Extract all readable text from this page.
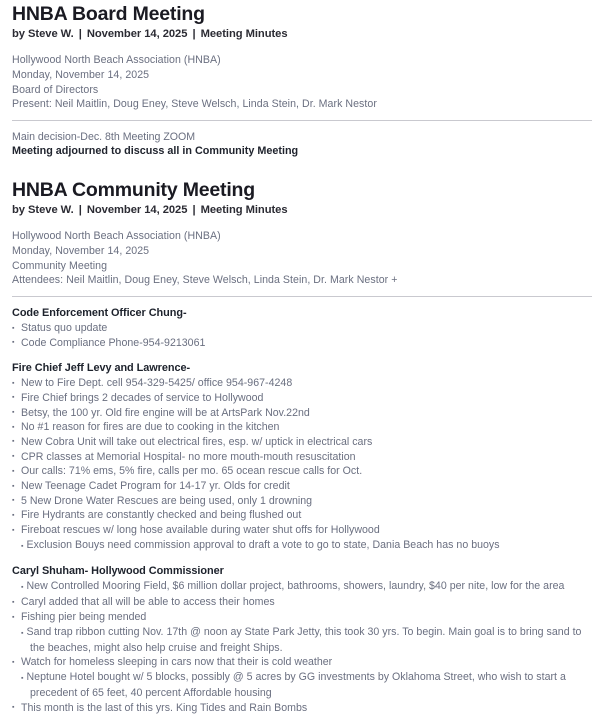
HNBA Board Meeting
by Steve W. | November 14, 2025 | Meeting Minutes
Hollywood North Beach Association (HNBA)
Monday, November 14, 2025
Board of Directors
Present: Neil Maitlin, Doug Eney, Steve Welsch, Linda Stein, Dr. Mark Nestor
Main decision-Dec. 8th Meeting ZOOM
Meeting adjourned to discuss all in Community Meeting
HNBA Community Meeting
by Steve W. | November 14, 2025 | Meeting Minutes
Hollywood North Beach Association (HNBA)
Monday, November 14, 2025
Community Meeting
Attendees: Neil Maitlin, Doug Eney, Steve Welsch, Linda Stein, Dr. Mark Nestor +
Code Enforcement Officer Chung-
▪ Status quo update
▪ Code Compliance Phone-954-9213061
Fire Chief Jeff Levy and Lawrence-
▪ New to Fire Dept. cell 954-329-5425/ office 954-967-4248
▪ Fire Chief brings 2 decades of service to Hollywood
▪ Betsy, the 100 yr. Old fire engine will be at ArtsPark Nov.22nd
▪ No #1 reason for fires are due to cooking in the kitchen
▪ New Cobra Unit will take out electrical fires, esp. w/ uptick in electrical cars
▪ CPR classes at Memorial Hospital- no more mouth-mouth resuscitation
▪ Our calls: 71% ems, 5% fire, calls per mo. 65 ocean rescue calls for Oct.
▪ New Teenage Cadet Program for 14-17 yr. Olds for credit
▪ 5 New Drone Water Rescues are being used, only 1 drowning
▪ Fire Hydrants are constantly checked and being flushed out
▪ Fireboat rescues w/ long hose available during water shut offs for Hollywood
▪ Exclusion Bouys need commission approval to draft a vote to go to state, Dania Beach has no buoys
Caryl Shuham- Hollywood Commissioner
▪ New Controlled Mooring Field, $6 million dollar project, bathrooms, showers, laundry, $40 per nite, low for the area
▪ Caryl added that all will be able to access their homes
▪ Fishing pier being mended
▪ Sand trap ribbon cutting Nov. 17th @ noon ay State Park Jetty, this took 30 yrs. To begin. Main goal is to bring sand to the beaches, might also help cruise and freight Ships.
▪ Watch for homeless sleeping in cars now that their is cold weather
▪ Neptune Hotel bought w/ 5 blocks, possibly @ 5 acres by GG investments by Oklahoma Street, who wish to start a precedent of 65 feet, 40 percent Affordable housing
▪ This month is the last of this yrs. King Tides and Rain Bombs
